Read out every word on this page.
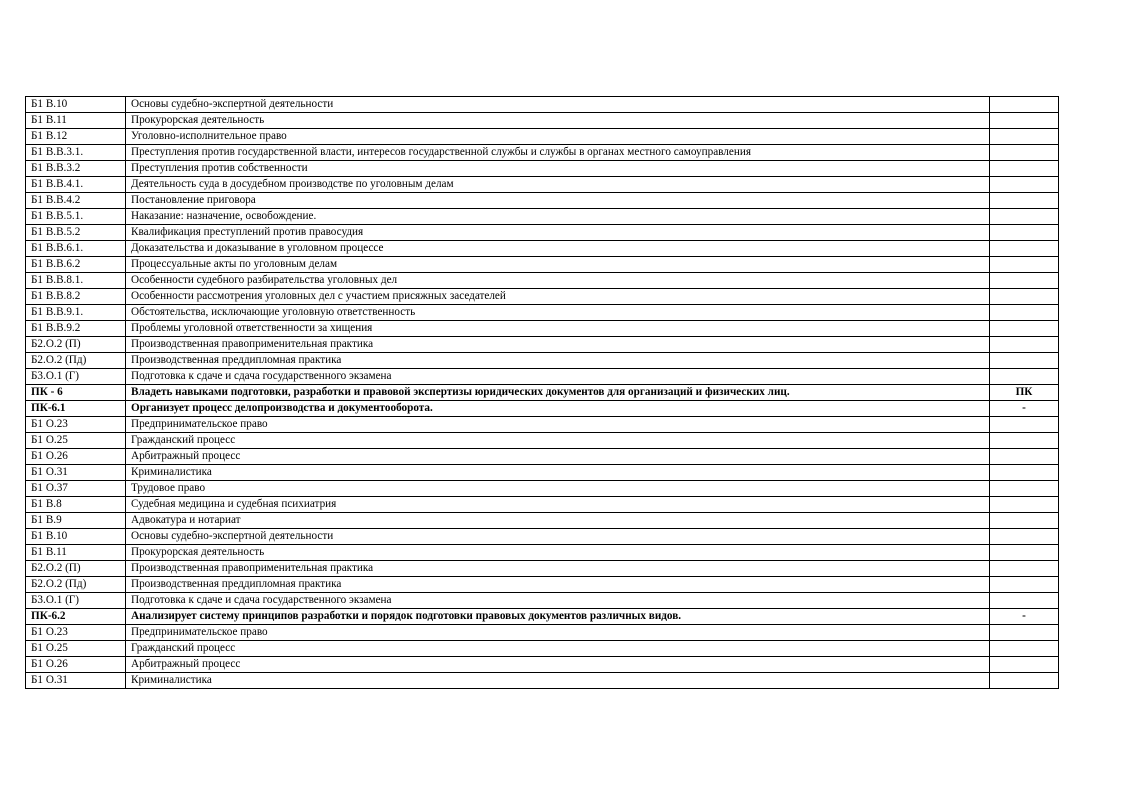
Б1 В.10	Основы судебно-экспертной деятельности	
Б1 В.11	Прокурорская деятельность	
Б1 В.12	Уголовно-исполнительное право	
Б1 В.В.3.1.	Преступления против государственной власти, интересов государственной службы и службы в органах местного самоуправления	
Б1 В.В.3.2	Преступления против собственности	
Б1 В.В.4.1.	Деятельность суда в досудебном производстве по уголовным делам	
Б1 В.В.4.2	Постановление приговора	
Б1 В.В.5.1.	Наказание: назначение, освобождение.	
Б1 В.В.5.2	Квалификация преступлений против правосудия	
Б1 В.В.6.1.	Доказательства и доказывание в уголовном процессе	
Б1 В.В.6.2	Процессуальные акты по уголовным делам	
Б1 В.В.8.1.	Особенности судебного разбирательства уголовных дел	
Б1 В.В.8.2	Особенности рассмотрения уголовных дел с участием присяжных заседателей	
Б1 В.В.9.1.	Обстоятельства, исключающие уголовную ответственность	
Б1 В.В.9.2	Проблемы уголовной ответственности за хищения	
Б2.О.2 (П)	Производственная правоприменительная практика	
Б2.О.2 (Пд)	Производственная преддипломная практика	
Б3.О.1 (Г)	Подготовка к сдаче и сдача государственного экзамена	
ПК - 6	Владеть навыками подготовки, разработки и правовой экспертизы юридических документов для организаций и физических лиц.	ПК
ПК-6.1	Организует процесс делопроизводства и документооборота.	-
Б1 О.23	Предпринимательское право	
Б1 О.25	Гражданский процесс	
Б1 О.26	Арбитражный процесс	
Б1 О.31	Криминалистика	
Б1 О.37	Трудовое право	
Б1 В.8	Судебная медицина и судебная психиатрия	
Б1 В.9	Адвокатура и нотариат	
Б1 В.10	Основы судебно-экспертной деятельности	
Б1 В.11	Прокурорская деятельность	
Б2.О.2 (П)	Производственная правоприменительная практика	
Б2.О.2 (Пд)	Производственная преддипломная практика	
Б3.О.1 (Г)	Подготовка к сдаче и сдача государственного экзамена	
ПК-6.2	Анализирует систему принципов разработки и порядок подготовки правовых документов различных видов.	-
Б1 О.23	Предпринимательское право	
Б1 О.25	Гражданский процесс	
Б1 О.26	Арбитражный процесс	
Б1 О.31	Криминалистика	
